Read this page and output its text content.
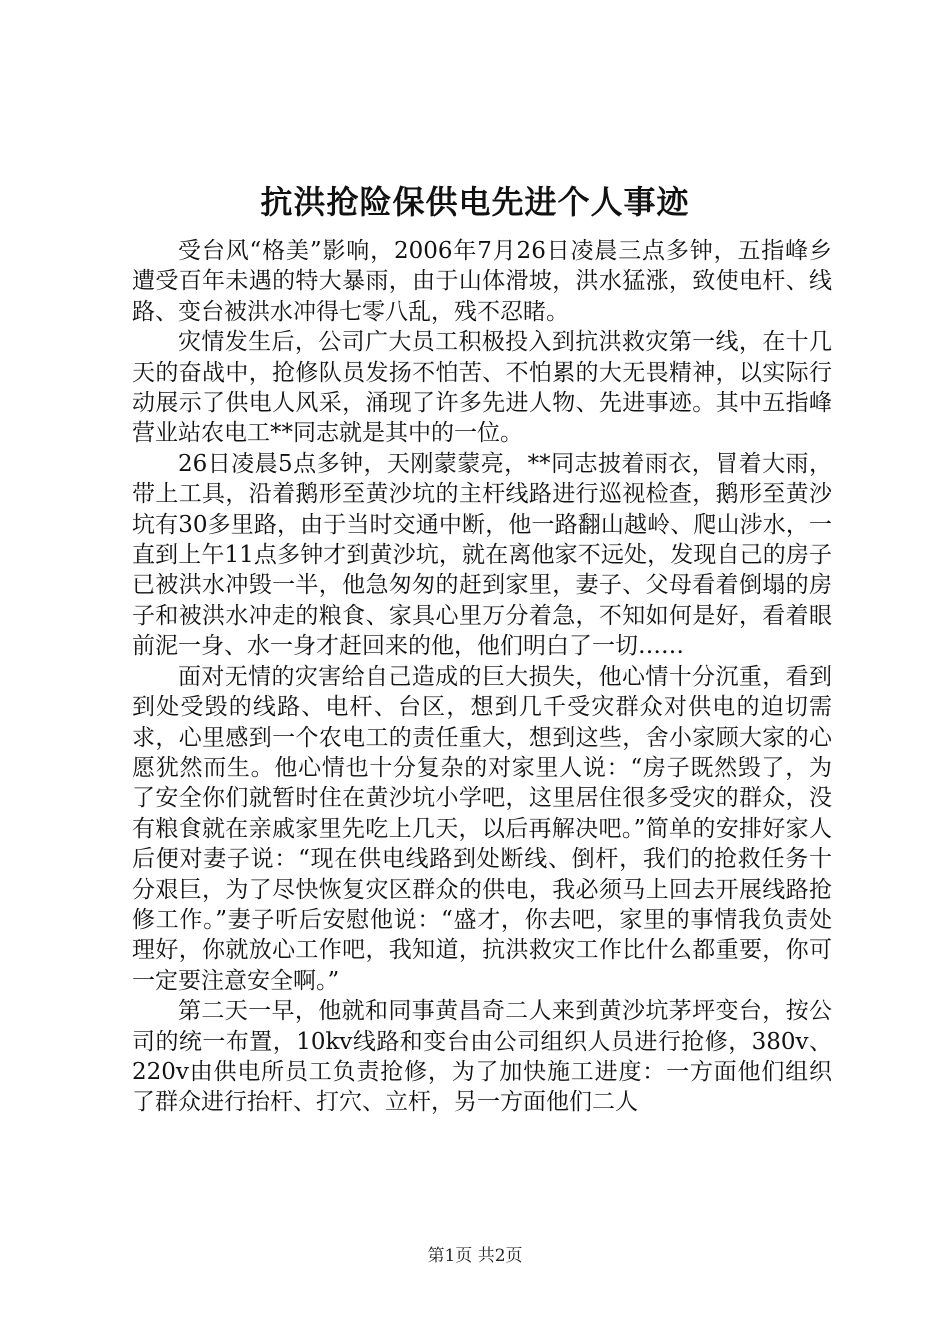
抗洪抢险保供电先进个人事迹

受台风“格美”影响，2006年7月26日凌晨三点多钟，五指峰乡遭受百年未遇的特大暴雨，由于山体滑坡，洪水猛涨，致使电杆、线路、变台被洪水冲得七零八乱，残不忍睹。

灾情发生后，公司广大员工积极投入到抗洪救灾第一线，在十几天的奋战中，抢修队员发扬不怕苦、不怕累的大无畏精神，以实际行动展示了供电人风采，涌现了许多先进人物、先进事迹。其中五指峰营业站农电工**同志就是其中的一位。

26日凌晨5点多钟，天刚蒙蒙亮，**同志披着雨衣，冒着大雨，带上工具，沿着鹅形至黄沙坑的主杆线路进行巡视检查，鹅形至黄沙坑有30多里路，由于当时交通中断，他一路翻山越岭、爬山涉水，一直到上午11点多钟才到黄沙坑，就在离他家不远处，发现自己的房子已被洪水冲毁一半，他急匆匆的赶到家里，妻子、父母看着倒塌的房子和被洪水冲走的粮食、家具心里万分着急，不知如何是好，看着眼前泥一身、水一身才赶回来的他，他们明白了一切……

面对无情的灾害给自己造成的巨大损失，他心情十分沉重，看到到处受毁的线路、电杆、台区，想到几千受灾群众对供电的迫切需求，心里感到一个农电工的责任重大，想到这些，舍小家顾大家的心愿犹然而生。他心情也十分复杂的对家里人说：“房子既然毁了，为了安全你们就暂时住在黄沙坑小学吧，这里居住很多受灾的群众，没有粮食就在亲戚家里先吃上几天，以后再解决吧。”简单的安排好家人后便对妻子说：“现在供电线路到处断线、倒杆，我们的抢救任务十分艰巨，为了尽快恢复灾区群众的供电，我必须马上回去开展线路抢修工作。”妻子听后安慰他说：“盛才，你去吧，家里的事情我负责处理好，你就放心工作吧，我知道，抗洪救灾工作比什么都重要，你可一定要注意安全啊。”

第二天一早，他就和同事黄昌奇二人来到黄沙坑茅坪变台，按公司的统一布置，10kv线路和变台由公司组织人员进行抢修，380v、220v由供电所员工负责抢修，为了加快施工进度：一方面他们组织了群众进行抬杆、打穴、立杆，另一方面他们二人

第1页 共2页
